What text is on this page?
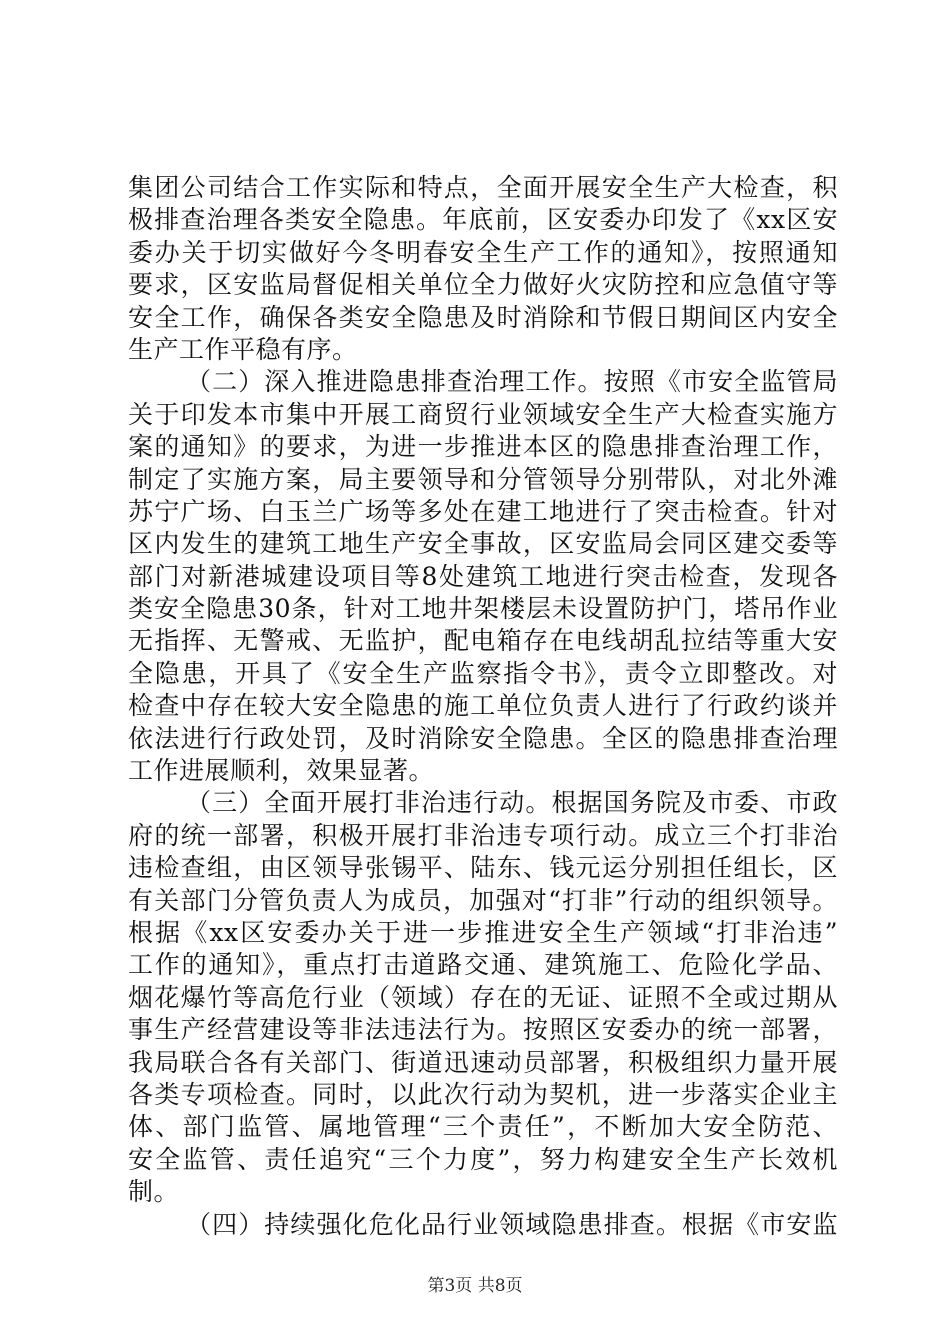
集团公司结合工作实际和特点，全面开展安全生产大检查，积
极排查治理各类安全隐患。年底前，区安委办印发了《xx区安
委办关于切实做好今冬明春安全生产工作的通知》，按照通知
要求，区安监局督促相关单位全力做好火灾防控和应急值守等
安全工作，确保各类安全隐患及时消除和节假日期间区内安全
生产工作平稳有序。
（二）深入推进隐患排查治理工作。按照《市安全监管局
关于印发本市集中开展工商贸行业领域安全生产大检查实施方
案的通知》的要求，为进一步推进本区的隐患排查治理工作，
制定了实施方案，局主要领导和分管领导分别带队，对北外滩
苏宁广场、白玉兰广场等多处在建工地进行了突击检查。针对
区内发生的建筑工地生产安全事故，区安监局会同区建交委等
部门对新港城建设项目等8处建筑工地进行突击检查，发现各
类安全隐患30条，针对工地井架楼层未设置防护门，塔吊作业
无指挥、无警戒、无监护，配电箱存在电线胡乱拉结等重大安
全隐患，开具了《安全生产监察指令书》，责令立即整改。对
检查中存在较大安全隐患的施工单位负责人进行了行政约谈并
依法进行行政处罚，及时消除安全隐患。全区的隐患排查治理
工作进展顺利，效果显著。
（三）全面开展打非治违行动。根据国务院及市委、市政
府的统一部署，积极开展打非治违专项行动。成立三个打非治
违检查组，由区领导张锡平、陆东、钱元运分别担任组长，区
有关部门分管负责人为成员，加强对“打非”行动的组织领导。
根据《xx区安委办关于进一步推进安全生产领域“打非治违”
工作的通知》，重点打击道路交通、建筑施工、危险化学品、
烟花爆竹等高危行业（领域）存在的无证、证照不全或过期从
事生产经营建设等非法违法行为。按照区安委办的统一部署，
我局联合各有关部门、街道迅速动员部署，积极组织力量开展
各类专项检查。同时，以此次行动为契机，进一步落实企业主
体、部门监管、属地管理“三个责任”，不断加大安全防范、
安全监管、责任追究“三个力度”，努力构建安全生产长效机
制。
（四）持续强化危化品行业领域隐患排查。根据《市安监
第3页 共8页
